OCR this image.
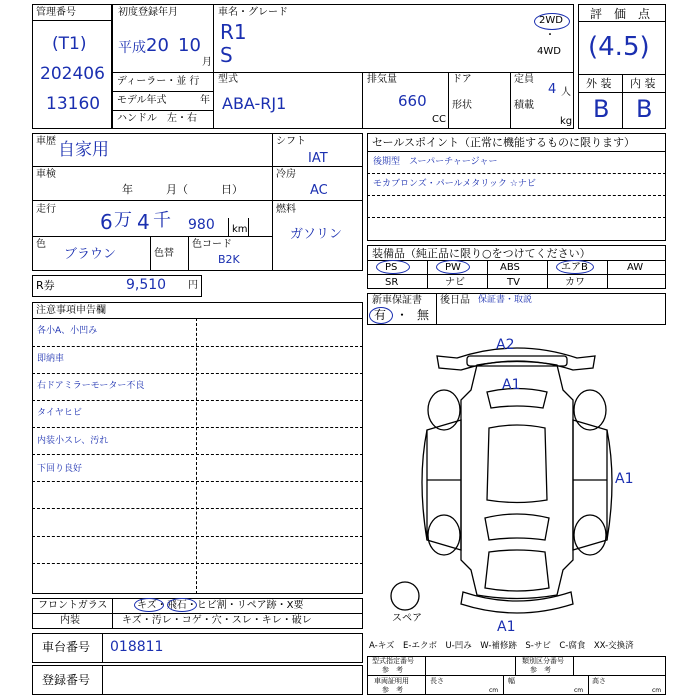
管理番号
(T1)
202406
13160
初度登録年月	車名・グレード
平成 20 10
月
R1
S
2WD
・
4WD
ディーラー・並 行
モデル年式	年
ハンドル　左・右
型式
ABA-RJ1
排気量
660
CC
ドア
形状
定員
4 人
積載
kg
評　価　点
(4.5)
外 装 内 装
B B
車歴 自家用	シフト
IAT
車検
年　　　月（　　　日）
冷房
AC
走行
6 万 4 千 980 km
燃料
ガソリン
色
ブラウン	色替
色コード
B2K
R券	9,510 円
注意事項申告欄
各小A、小凹み
即納車
右ドアミラーモーター不良
タイヤヒビ
内装小スレ、汚れ
下回り良好
フロントガラス	キズ・飛石・ヒビ割・リペア跡・X要
内装	キズ・汚レ・コゲ・穴・スレ・キレ・破レ
セールスポイント（正常に機能するものに限ります）
後期型　スーパーチャージャー
モカブロンズ・パールメタリック ☆ナビ
装備品（純正品に限り○をつけてください）
PS	PW	ABS	エアB	AW
SR	ナビ	TV	カワ
新車保証書
有 ・ 無
後日品 保証書・取説
A2
A1
A1
A1
スペア
A-キズ　E-エクボ　U-凹み　W-補修跡　S-サビ　C-腐食　XX-交換済
車台番号 018811
登録番号
型式指定番号
参　考
類別区分番号
参　考
車両証明用
参　考
長さ
cm
幅
cm
高さ
cm
